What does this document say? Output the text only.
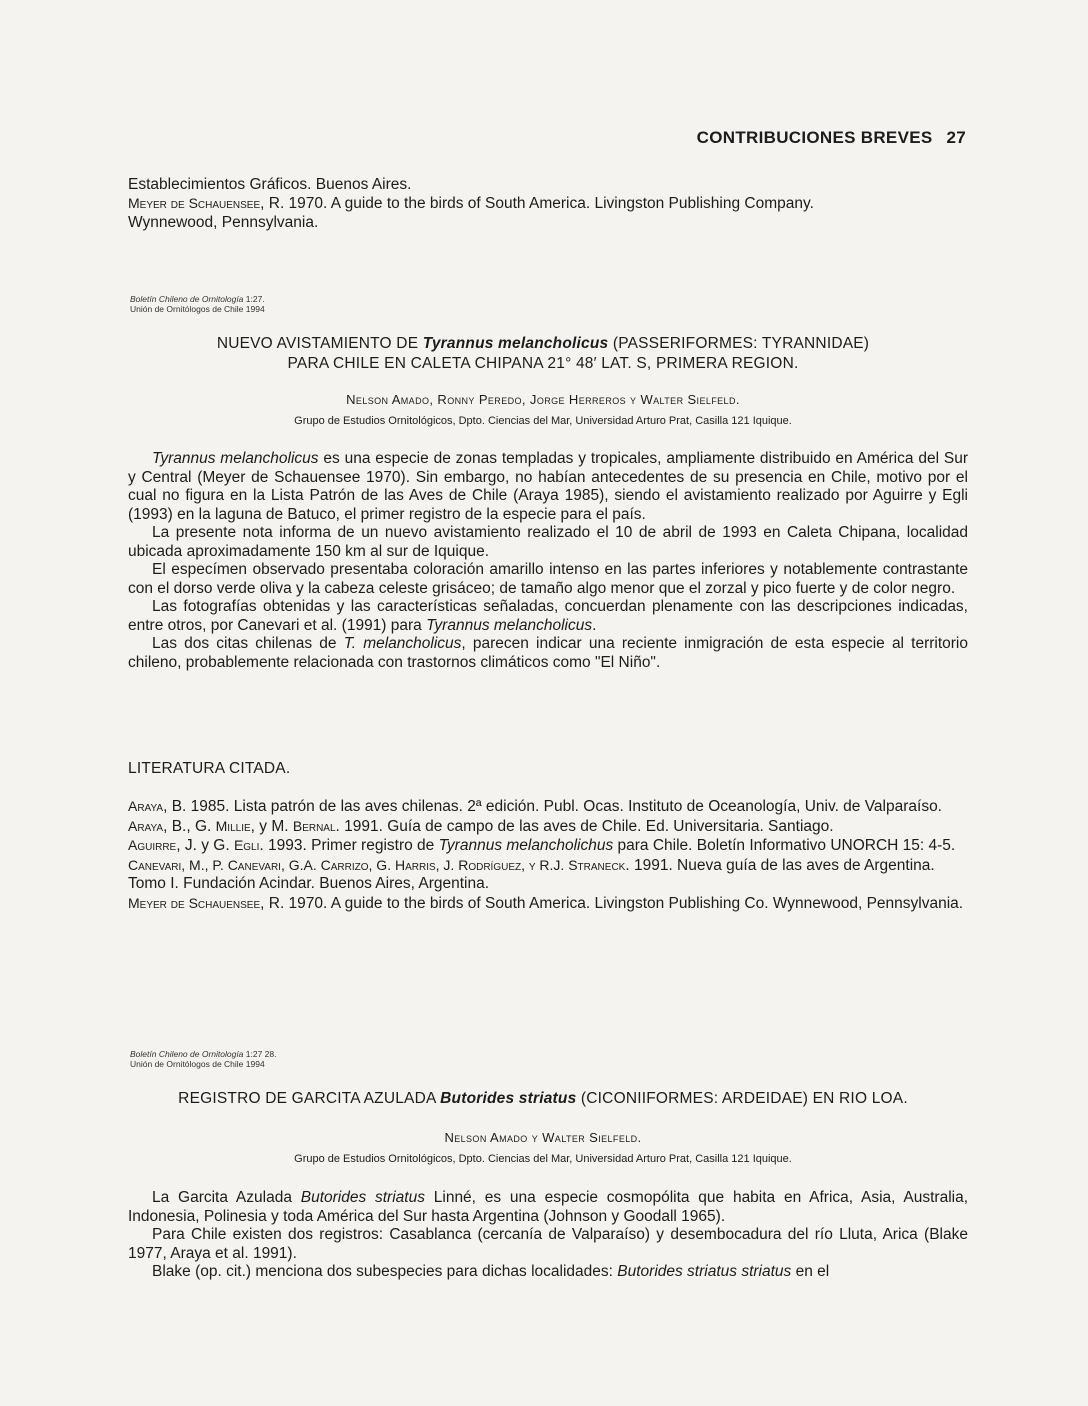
CONTRIBUCIONES BREVES 27
Establecimientos Gráficos. Buenos Aires.
Meyer de Schauensee, R. 1970. A guide to the birds of South America. Livingston Publishing Company.
Wynnewood, Pennsylvania.
Boletín Chileno de Ornitología 1:27.
Unión de Ornitólogos de Chile 1994
NUEVO AVISTAMIENTO DE Tyrannus melancholicus (PASSERIFORMES: TYRANNIDAE)
PARA CHILE EN CALETA CHIPANA 21° 48′ LAT. S, PRIMERA REGION.
Nelson Amado, Ronny Peredo, Jorge Herreros y Walter Sielfeld.
Grupo de Estudios Ornitológicos, Dpto. Ciencias del Mar, Universidad Arturo Prat, Casilla 121 Iquique.

Tyrannus melancholicus es una especie de zonas templadas y tropicales, ampliamente distribuido en América del Sur y Central (Meyer de Schauensee 1970). Sin embargo, no habían antecedentes de su presencia en Chile, motivo por el cual no figura en la Lista Patrón de las Aves de Chile (Araya 1985), siendo el avistamiento realizado por Aguirre y Egli (1993) en la laguna de Batuco, el primer registro de la especie para el país.

La presente nota informa de un nuevo avistamiento realizado el 10 de abril de 1993 en Caleta Chipana, localidad ubicada aproximadamente 150 km al sur de Iquique.

El especímen observado presentaba coloración amarillo intenso en las partes inferiores y notablemente contrastante con el dorso verde oliva y la cabeza celeste grisáceo; de tamaño algo menor que el zorzal y pico fuerte y de color negro.

Las fotografías obtenidas y las características señaladas, concuerdan plenamente con las descripciones indicadas, entre otros, por Canevari et al. (1991) para Tyrannus melancholicus.

Las dos citas chilenas de T. melancholicus, parecen indicar una reciente inmigración de esta especie al territorio chileno, probablemente relacionada con trastornos climáticos como "El Niño".

LITERATURA CITADA.

Araya, B. 1985. Lista patrón de las aves chilenas. 2ª edición. Publ. Ocas. Instituto de Oceanología, Univ. de Valparaíso.

Araya, B., G. Millie, y M. Bernal. 1991. Guía de campo de las aves de Chile. Ed. Universitaria. Santiago.

Aguirre, J. y G. Egli. 1993. Primer registro de Tyrannus melancholichus para Chile. Boletín Informativo UNORCH 15: 4-5.

Canevari, M., P. Canevari, G.A. Carrizo, G. Harris, J. Rodríguez, y R.J. Straneck. 1991. Nueva guía de las aves de Argentina. Tomo I. Fundación Acindar. Buenos Aires, Argentina.

Meyer de Schauensee, R. 1970. A guide to the birds of South America. Livingston Publishing Co. Wynnewood, Pennsylvania.

Boletín Chileno de Ornitología 1:27 28.
Unión de Ornitólogos de Chile 1994
REGISTRO DE GARCITA AZULADA Butorides striatus (CICONIIFORMES: ARDEIDAE) EN RIO LOA.
Nelson Amado y Walter Sielfeld.
Grupo de Estudios Ornitológicos, Dpto. Ciencias del Mar, Universidad Arturo Prat, Casilla 121 Iquique.

La Garcita Azulada Butorides striatus Linné, es una especie cosmopólita que habita en Africa, Asia, Australia, Indonesia, Polinesia y toda América del Sur hasta Argentina (Johnson y Goodall 1965).

Para Chile existen dos registros: Casablanca (cercanía de Valparaíso) y desembocadura del río Lluta, Arica (Blake 1977, Araya et al. 1991).

Blake (op. cit.) menciona dos subespecies para dichas localidades: Butorides striatus striatus en el
